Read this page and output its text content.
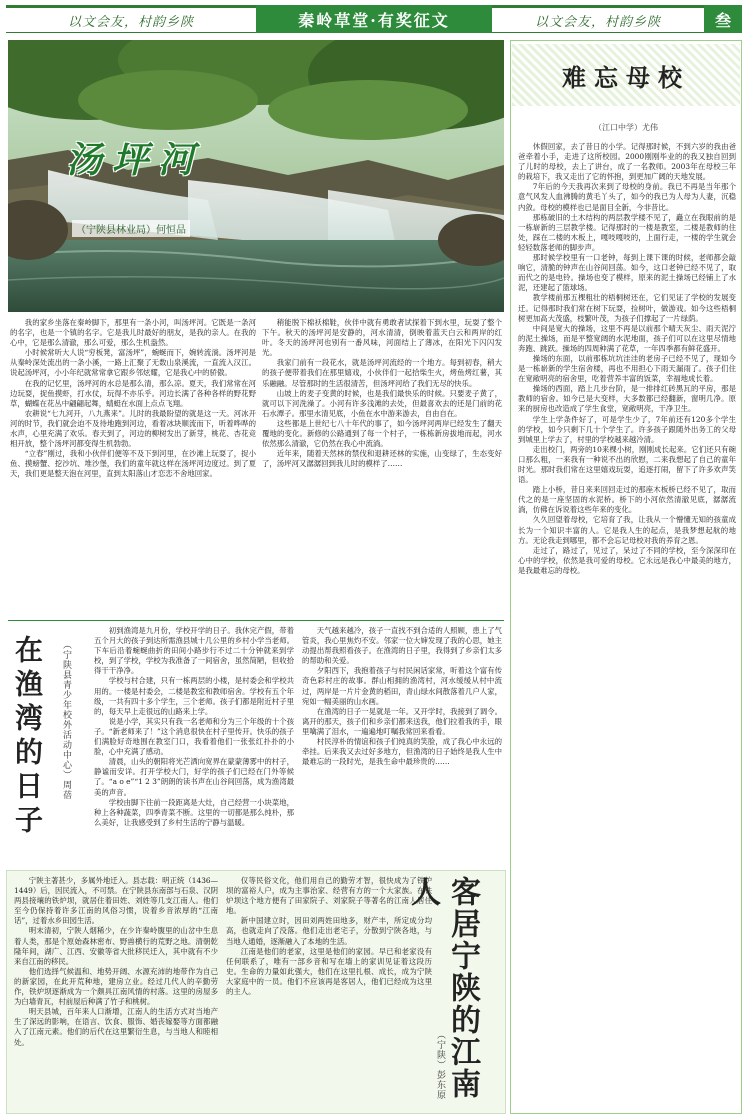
以文会友，村韵乡陕	秦岭草堂·有奖征文	以文会友，村韵乡陕	叁
汤坪河
（宁陕县林业局）何恒品

我的家乡坐落在秦岭脚下，那里有一条小河，叫汤坪河。它既是一条河的名字，也是一个镇的名字。它是我儿时最好的朋友，是我的亲人。在我的心中，它是那么清澈，那么可爱，那么生机盎然。

小时候常听大人说“穷板凳，富汤坪”，蜿蜒而下，婉转流淌。汤坪河是从秦岭深处流出的一条小溪，一路上汇聚了无数山泉溪流，一直流入汉江。说起汤坪河，小小年纪就常常拿它跟乡邻炫耀，它是我心中的骄傲。

在我的记忆里，汤坪河的水总是那么清，那么凉。夏天，我们常常在河边玩耍，捉鱼摸虾，打水仗，玩得不亦乐乎。河边长满了各种各样的野花野草，蝴蝶在花丛中翩翩起舞，蜻蜓在水面上点点飞翔。

农耕说“七九河开，八九燕来”。儿时的我最盼望的就是这一天。河冰开河的时节，我们就会迫不及待地跑到河边，看着冰块顺流而下，听着哗哗的水声，心里充满了欢乐。春天到了，河边的柳树发出了新芽，桃花、杏花竞相开放，整个汤坪河都变得生机勃勃。

“立春”刚过，我和小伙伴们便等不及下到河里，在沙滩上玩耍了，捉小鱼、摸螃蟹、挖沙坑、堆沙堡，我们的童年就这样在汤坪河边度过。到了夏天，我们更是整天泡在河里，直到太阳落山才恋恋不舍地回家。

稍能脱下棉袄棉鞋，伙伴中就有勇敢者试探着下到水里，玩耍了整个下午。秋天的汤坪河是安静的，河水清清，倒映着蓝天白云和两岸的红叶。冬天的汤坪河也别有一番风味，河面结上了薄冰，在阳光下闪闪发光。

我家门前有一段花水，就是汤坪河流经的一个地方。每到初春，稍大的孩子便带着我们在那里嬉戏，小伙伴们一起拾柴生火，烤鱼烤红薯，其乐融融。尽管那时的生活很清苦，但汤坪河给了我们无尽的快乐。

山坡上的麦子变黄的时候，也是我们最快乐的时候。只要麦子黄了，就可以下河洗澡了。小河有许多浅滩的去处，但最喜欢去的还是门前的花石水潭子。那里水清见底，小鱼在水中游来游去，自由自在。

这些都是上世纪七八十年代的事了，如今汤坪河两岸已经发生了翻天覆地的变化。新修的公路通到了每一个村子，一栋栋新房拔地而起，河水依然那么清澈，它仍然在我心中流淌。

近年来，随着天然林的禁伐和退耕还林的实施，山变绿了，生态变好了，汤坪河又潺潺回到我儿时的模样了……

在渔湾的日子 （宁陕县青少年校外活动中心）周蓓

初到渔湾是九月份，学校开学的日子。我休完产假，带着五个月大的孩子到达所需渔县城十几公里的乡村小学当老师。下车后沿着蜿蜒曲折的田间小路步行不过二十分钟就来到学校，到了学校，学校为我准备了一间宿舍，虽然简陋，但收拾得干干净净。

学校与村合建，只有一栋两层的小楼，是村委会和学校共用的。一楼是村委会，二楼是教室和教师宿舍。学校有五个年级，一共有四十多个学生，三个老师。孩子们都是附近村子里的，每天早上走很远的山路来上学。

说是小学，其实只有我一名老师和分为三个年级的十个孩子。“新老师来了！”这个消息很快在村子里传开。快乐的孩子们满脸好奇地围在教室门口，我看着他们一张张红扑扑的小脸，心中充满了感动。

清晨，山头的朝阳将光芒洒向宽界在蒙蒙薄雾中的村子，静谧而安详。打开学校大门，好学的孩子们已经在门外等候了。“a o e”“1 2 3”朗朗的读书声在山谷间回荡，成为渔湾最美的声音。

学校由脚下往前一段距离是大灶，自己经营一小块菜地，种上各种蔬菜，四季青菜不断。这里的一切都是那么纯朴，那么美好，让我感受到了乡村生活的宁静与温暖。

天气越来越冷，孩子一直找不到合适的人照顾，患上了气管炎，我心里焦灼不安。邻家一位大婶发现了我的心思，她主动提出帮我照看孩子。在渔湾的日子里，我得到了乡亲们太多的帮助和关爱。

夕阳西下，我抱着孩子与村民闲话家常，听着这个富有传奇色彩村庄的故事。群山相拥的渔湾村，河水缓缓从村中流过，两岸是一片片金黄的稻田，青山绿水间散落着几户人家，宛如一幅美丽的山水画。

在渔湾的日子一晃就是一年。又开学时，我接到了调令。离开的那天，孩子们和乡亲们都来送我，他们拉着我的手，眼里噙满了泪水，一遍遍地叮嘱我常回来看看。

村民淳朴的情谊和孩子们纯真的笑脸，成了我心中永远的牵挂。后来我又去过好多地方，但渔湾的日子始终是我人生中最难忘的一段时光，是我生命中最珍贵的……

宁陕主著甚少，多属外地迁入。县志载：明正统（1436—1449）后，因民流入，不可禁。在宁陕县东南部与石泉、汉阴两县接壤的铁炉坝，就居住着田姓、刘姓等几支江南人。他们至今仍保持着许多江南的风俗习惯，说着乡音浓厚的“江南话”，过着水乡田园生活。

明末清初，宁陕人烟稀少，在少许秦岭腹里的山岔中生息着人类，那是个原始森林密布、野兽横行的荒野之地。清朝乾隆年间，湖广、江西、安徽等省大批移民迁入，其中就有不少来自江南的移民。

他们选择气候温和、地势开阔、水源充沛的地带作为自己的新家园，在此开荒种地，建房立业。经过几代人的辛勤劳作，铁炉坝逐渐成为一个颇具江南风情的村落。这里的房屋多为白墙青瓦，村前屋后种满了竹子和桃树。

明天县城，百年来人口渐增，江南人的生活方式对当地产生了深远的影响，在语言、饮食、服饰、婚丧嫁娶等方面都融入了江南元素。他们的后代在这里繁衍生息，与当地人和睦相处。

仅等民俗文化，他们用自己的勤劳才智，很快成为了铁炉坝的富裕人户，成为主事治家、经营有方的一个大家族。在铁炉坝这个地方便有了田家院子、刘家院子等著名的江南人居住地。

新中国建立时，因田刘两姓田地多，财产丰，所定成分均高，也就走向了没落。他们走出老宅子，分散到宁陕各地，与当地人通婚，逐渐融入了本地的生活。

江南是他们的老家，这里是他们的家园。早已和老家没有任何联系了，唯有一部乡音和写在墙上的家训见证着这段历史。生命的力量如此强大，他们在这里扎根、成长，成为宁陕大家庭中的一员。他们不应该再是客居人，他们已经成为这里的主人。	客居宁陕的江南人
（宁陕）彭东原
难忘母校
（江口中学）尤伟

休假回家，去了昔日的小学。记得那时候，不到六岁的我由爸爸牵着小手，走进了这所校园。2000刚刚毕业的的我又独自回到了儿时的母校，去上了讲台，成了一名教师。2003年在母校三年的栽培下，我又走出了它的怀抱，到更加广阔的天地发展。

7年后的今天我再次来到了母校的身前。我已不再是当年那个意气风发人血沸腾的黄毛丫头了，如今的我已为人母为人妻，沉稳内敛。母校的模样也已是面目全新，今非昔比。

那栋破旧的土木结构的两层教学楼不见了，矗立在我眼前的是一栋崭新的三层教学楼。记得那时的一楼是教室，二楼是教师的住处，踩在二楼的木板上，嘎吱嘎吱的，上面行走，一楼的学生就会轻轻数落老师的脚步声。

那时候学校里有一口老钟，每到上课下课的时候，老师都会敲响它，清脆的钟声在山谷间回荡。如今，这口老钟已经不见了，取而代之的是电铃。操场也变了模样，原来的泥土操场已经铺上了水泥，还建起了篮球场。

教学楼前那五棵粗壮的梧桐树还在，它们见证了学校的发展变迁。记得那时我们常在树下玩耍，捡树叶，做游戏。如今这些梧桐树更加高大茂盛，枝繁叶茂，为孩子们撑起了一片绿荫。

中间是宽大的操场，这里不再是以前那个晴天灰尘、雨天泥泞的泥土操场，而是平整宽阔的水泥地面，孩子们可以在这里尽情地奔跑、跳跃。操场的四周种满了花草，一年四季都有鲜花盛开。

操场的东面，以前那栋坑坑洼洼的老房子已经不见了，现如今是一栋崭新的学生宿舍楼，再也不用担心下雨天漏雨了。孩子们住在宽敞明亮的宿舍里，吃着营养丰富的饭菜，幸福地成长着。

操场的西面，踏上几步台阶，是一排排红砖黑瓦的平房，那是教师的宿舍。如今已是大变样，大多数都已经翻新，窗明几净。原来的厨房也改造成了学生食堂，宽敞明亮，干净卫生。

学生上学条件好了，可是学生少了，7年前还有120多个学生的学校，如今只剩下几十个学生了。许多孩子跟随外出务工的父母到城里上学去了，村里的学校越来越冷清。

走出校门，两旁的10来棵小树，刚刚成长起来。它们还只有碗口那么粗，一来我有一种说不出的欣慰，二来我想起了自己的童年时光。那时我们常在这里嬉戏玩耍，追逐打闹，留下了许多欢声笑语。

踏上小桥，昔日来来回回走过的那座木板桥已经不见了，取而代之的是一座坚固的水泥桥。桥下的小河依然清澈见底，潺潺流淌，仿佛在诉说着这些年来的变化。

久久回望着母校，它培育了我，让我从一个懵懂无知的孩童成长为一个知识丰富的人。它是我人生的起点，是我梦想起航的地方。无论我走到哪里，都不会忘记母校对我的养育之恩。

走过了，路过了，见过了，呆过了不同的学校，至今深深印在心中的学校，依然是我可爱的母校。它永远是我心中最美的地方，是我最难忘的母校。
